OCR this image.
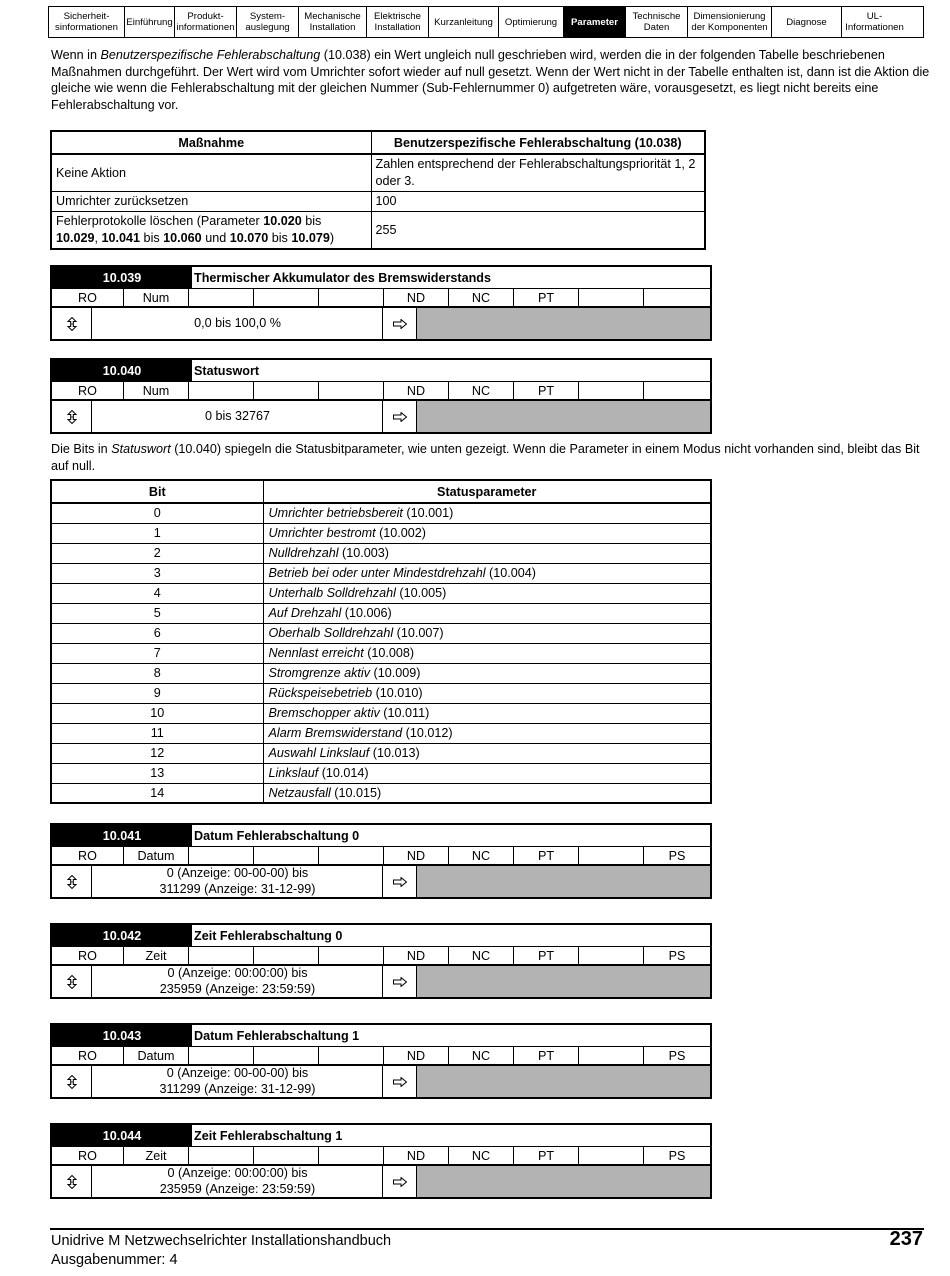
Sicherheit-
sinformationen Einführung	Produkt-
informationen
System-
auslegung
Mechanische
Installation
Elektrische
Installation	Kurzanleitung	Optimierung	Parameter	Technische
Daten
Dimensionierung
der Komponenten	Diagnose	UL-
Informationen

Wenn in Benutzerspezifische Fehlerabschaltung (10.038) ein Wert ungleich null geschrieben wird, werden die in der folgenden Tabelle beschriebenen Maßnahmen durchgeführt. Der Wert wird vom Umrichter sofort wieder auf null gesetzt. Wenn der Wert nicht in der Tabelle enthalten ist, dann ist die Aktion die gleiche wie wenn die Fehlerabschaltung mit der gleichen Nummer (Sub-Fehlernummer 0) aufgetreten wäre, vorausgesetzt, es liegt nicht bereits eine Fehlerabschaltung vor.

Maßnahme	Benutzerspezifische Fehlerabschaltung (10.038)
Keine Aktion	Zahlen entsprechend der Fehlerabschaltungspriorität 1, 2 oder 3.
Umrichter zurücksetzen	100
Fehlerprotokolle löschen (Parameter 10.020 bis 10.029, 10.041 bis 10.060 und 10.070 bis 10.079)	255
10.039	Thermischer Akkumulator des Bremswiderstands
RO	Num	ND	NC	PT
0,0 bis 100,0 %
10.040	Statuswort
RO	Num	ND	NC	PT
0 bis 32767

Die Bits in Statuswort (10.040) spiegeln die Statusbitparameter, wie unten gezeigt. Wenn die Parameter in einem Modus nicht vorhanden sind, bleibt das Bit auf null.

Bit	Statusparameter
0	Umrichter betriebsbereit (10.001)
1	Umrichter bestromt (10.002)
2	Nulldrehzahl (10.003)
3	Betrieb bei oder unter Mindestdrehzahl (10.004)
4	Unterhalb Solldrehzahl (10.005)
5	Auf Drehzahl (10.006)
6	Oberhalb Solldrehzahl (10.007)
7	Nennlast erreicht (10.008)
8	Stromgrenze aktiv (10.009)
9	Rückspeisebetrieb (10.010)
10	Bremschopper aktiv (10.011)
11	Alarm Bremswiderstand (10.012)
12	Auswahl Linkslauf (10.013)
13	Linkslauf (10.014)
14	Netzausfall (10.015)
10.041	Datum Fehlerabschaltung 0
RO	Datum	ND	NC	PT	PS
0 (Anzeige: 00-00-00) bis
311299 (Anzeige: 31-12-99)
10.042	Zeit Fehlerabschaltung 0
RO	Zeit	ND	NC	PT	PS
0 (Anzeige: 00:00:00) bis
235959 (Anzeige: 23:59:59)
10.043	Datum Fehlerabschaltung 1
RO	Datum	ND	NC	PT	PS
0 (Anzeige: 00-00-00) bis
311299 (Anzeige: 31-12-99)
10.044	Zeit Fehlerabschaltung 1
RO	Zeit	ND	NC	PT	PS
0 (Anzeige: 00:00:00) bis
235959 (Anzeige: 23:59:59)
Unidrive M Netzwechselrichter Installationshandbuch
Ausgabenummer: 4
237
